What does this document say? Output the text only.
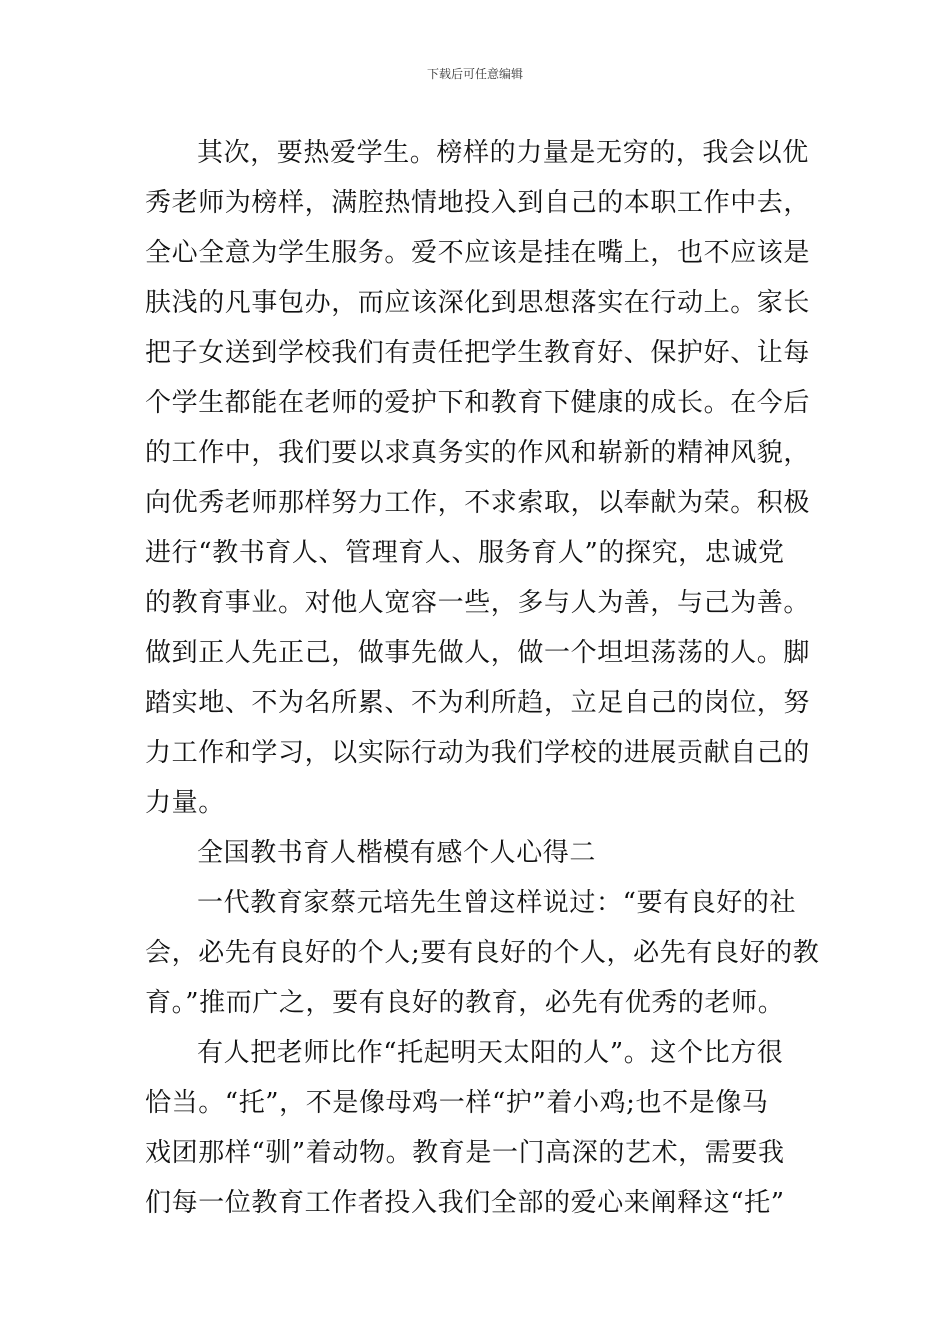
下载后可任意编辑
其次，要热爱学生。榜样的力量是无穷的，我会以优
秀老师为榜样，满腔热情地投入到自己的本职工作中去，
全心全意为学生服务。爱不应该是挂在嘴上，也不应该是
肤浅的凡事包办，而应该深化到思想落实在行动上。家长
把子女送到学校我们有责任把学生教育好、保护好、让每
个学生都能在老师的爱护下和教育下健康的成长。在今后
的工作中，我们要以求真务实的作风和崭新的精神风貌，
向优秀老师那样努力工作，不求索取，以奉献为荣。积极
进行“教书育人、管理育人、服务育人”的探究，忠诚党
的教育事业。对他人宽容一些，多与人为善，与己为善。
做到正人先正己，做事先做人，做一个坦坦荡荡的人。脚
踏实地、不为名所累、不为利所趋，立足自己的岗位，努
力工作和学习，以实际行动为我们学校的进展贡献自己的
力量。
全国教书育人楷模有感个人心得二
一代教育家蔡元培先生曾这样说过：“要有良好的社
会，必先有良好的个人;要有良好的个人，必先有良好的教
育。”推而广之，要有良好的教育，必先有优秀的老师。
有人把老师比作“托起明天太阳的人”。这个比方很
恰当。“托”，不是像母鸡一样“护”着小鸡;也不是像马
戏团那样“驯”着动物。教育是一门高深的艺术，需要我
们每一位教育工作者投入我们全部的爱心来阐释这“托”
